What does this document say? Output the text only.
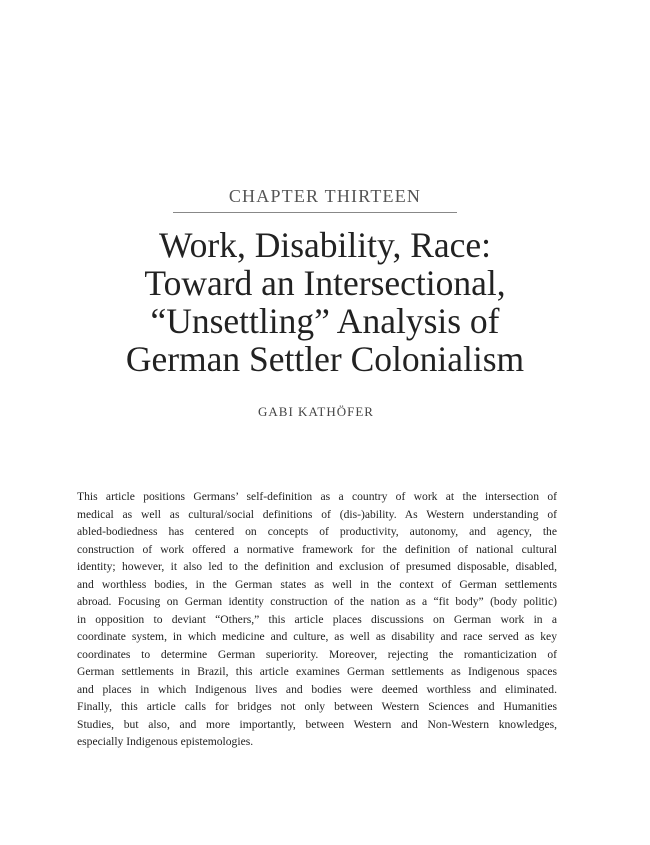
CHAPTER THIRTEEN
Work, Disability, Race:
Toward an Intersectional,
“Unsettling” Analysis of
German Settler Colonialism
GABI KATHÖFER
This article positions Germans’ self-definition as a country of work at the intersection of
medical as well as cultural/social definitions of (dis-)ability. As Western understanding of
abled-bodiedness has centered on concepts of productivity, autonomy, and agency, the
construction of work offered a normative framework for the definition of national cultural
identity; however, it also led to the definition and exclusion of presumed disposable, disabled,
and worthless bodies, in the German states as well in the context of German settlements
abroad. Focusing on German identity construction of the nation as a “fit body” (body politic)
in opposition to deviant “Others,” this article places discussions on German work in a
coordinate system, in which medicine and culture, as well as disability and race served as key
coordinates to determine German superiority. Moreover, rejecting the romanticization of
German settlements in Brazil, this article examines German settlements as Indigenous spaces
and places in which Indigenous lives and bodies were deemed worthless and eliminated.
Finally, this article calls for bridges not only between Western Sciences and Humanities
Studies, but also, and more importantly, between Western and Non-Western knowledges,
especially Indigenous epistemologies.
